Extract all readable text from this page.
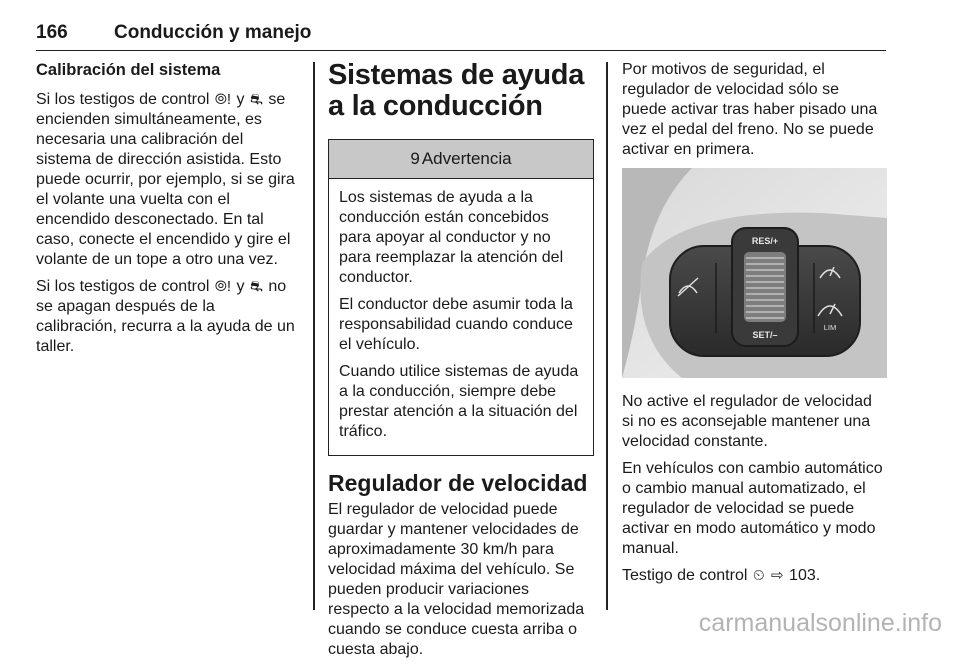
166 Conducción y manejo
Calibración del sistema

Si los testigos de control ⦾! y ⛐ se encienden simultáneamente, es necesaria una calibración del sistema de dirección asistida. Esto puede ocurrir, por ejemplo, si se gira el volante una vuelta con el encendido desconectado. En tal caso, conecte el encendido y gire el volante de un tope a otro una vez.

Si los testigos de control ⦾! y ⛐ no se apagan después de la calibración, recurra a la ayuda de un taller.

Sistemas de ayuda a la conducción
9 Advertencia

Los sistemas de ayuda a la conducción están concebidos para apoyar al conductor y no para reemplazar la atención del conductor.

El conductor debe asumir toda la responsabilidad cuando conduce el vehículo.

Cuando utilice sistemas de ayuda a la conducción, siempre debe prestar atención a la situación del tráfico.

Regulador de velocidad

El regulador de velocidad puede guardar y mantener velocidades de aproximadamente 30 km/h para velocidad máxima del vehículo. Se pueden producir variaciones respecto a la velocidad memorizada cuando se conduce cuesta arriba o cuesta abajo.

Por motivos de seguridad, el regulador de velocidad sólo se puede activar tras haber pisado una vez el pedal del freno. No se puede activar en primera.

RES/+
SET/–
LIM

No active el regulador de velocidad si no es aconsejable mantener una velocidad constante.

En vehículos con cambio automático o cambio manual automatizado, el regulador de velocidad se puede activar en modo automático y modo manual.

Testigo de control ⏲ ⇨ 103.

carmanualsonline.info
